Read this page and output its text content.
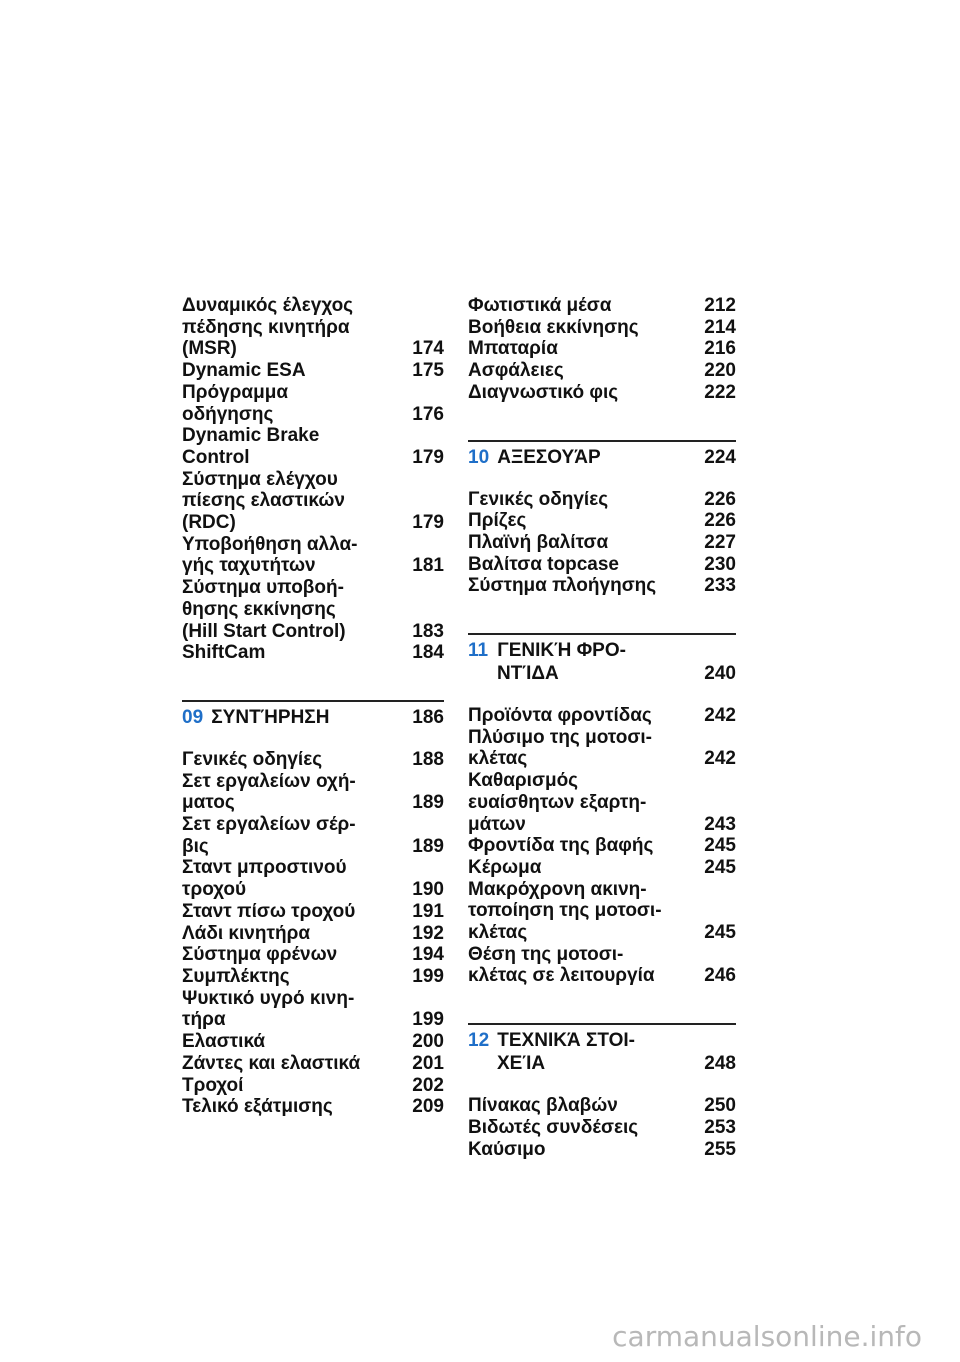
Δυναμικός έλεγχος
πέδησης κινητήρα
(MSR)	174
Dynamic ESA	175
Πρόγραμμα
οδήγησης	176
Dynamic Brake
Control	179
Σύστημα ελέγχου
πίεσης ελαστικών
(RDC)	179
Υποβοήθηση αλλα-
γής ταχυτήτων	181
Σύστημα υποβοή-
θησης εκκίνησης
(Hill Start Control)	183
ShiftCam	184
09 ΣΥΝΤΉΡΗΣΗ	186
Γενικές οδηγίες	188
Σετ εργαλείων οχή-
ματος	189
Σετ εργαλείων σέρ-
βις	189
Σταντ μπροστινού
τροχού	190
Σταντ πίσω τροχού	191
Λάδι κινητήρα	192
Σύστημα φρένων	194
Συμπλέκτης	199
Ψυκτικό υγρό κινη-
τήρα	199
Ελαστικά	200
Ζάντες και ελαστικά	201
Τροχοί	202
Τελικό εξάτμισης	209
Φωτιστικά μέσα	212
Βοήθεια εκκίνησης	214
Μπαταρία	216
Ασφάλειες	220
Διαγνωστικό φις	222
10 ΑΞΕΣΟΥΆΡ	224
Γενικές οδηγίες	226
Πρίζες	226
Πλαϊνή βαλίτσα	227
Βαλίτσα topcase	230
Σύστημα πλοήγησης	233
11 ΓΕΝΙΚΉ ΦΡΟ-
ΝΤΊΔΑ	240
Προϊόντα φροντίδας	242
Πλύσιμο της μοτοσι-
κλέτας	242
Καθαρισμός
ευαίσθητων εξαρτη-
μάτων	243
Φροντίδα της βαφής	245
Κέρωμα	245
Μακρόχρονη ακινη-
τοποίηση της μοτοσι-
κλέτας	245
Θέση της μοτοσι-
κλέτας σε λειτουργία	246
12 ΤΕΧΝΙΚΆ ΣΤΟΙ-
ΧΕΊΑ	248
Πίνακας βλαβών	250
Βιδωτές συνδέσεις	253
Καύσιμο	255
carmanualsonline.info
